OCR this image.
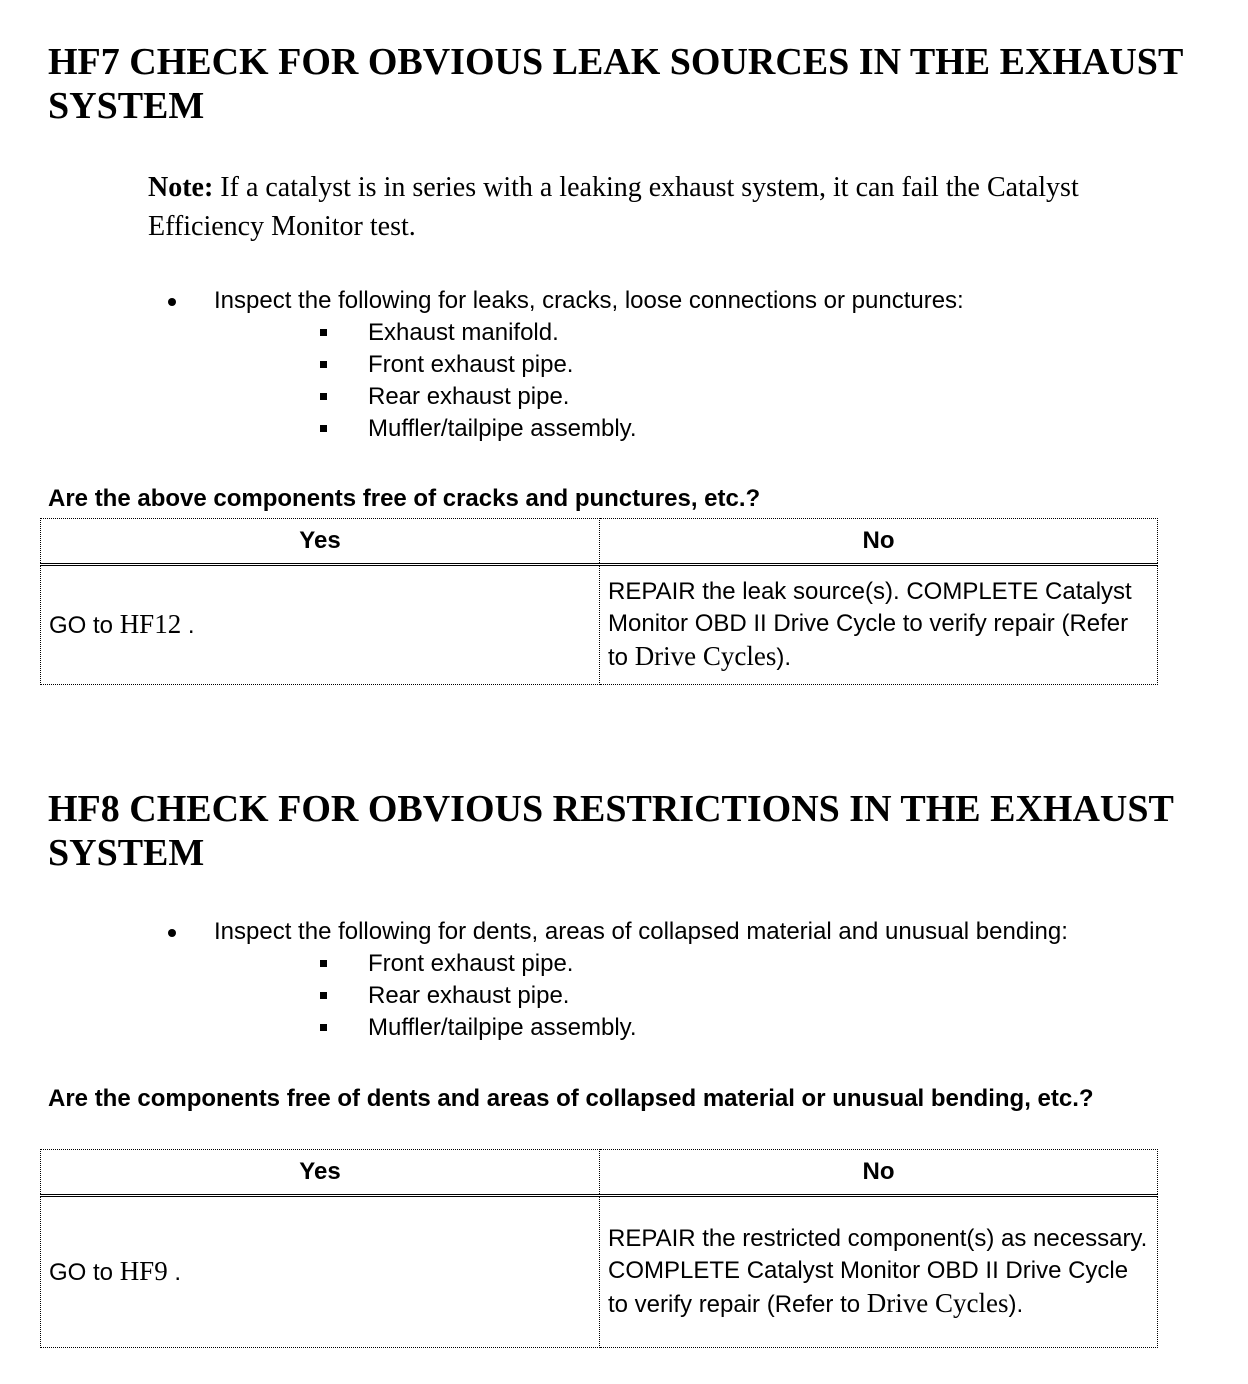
HF7 CHECK FOR OBVIOUS LEAK SOURCES IN THE EXHAUST SYSTEM

Note: If a catalyst is in series with a leaking exhaust system, it can fail the Catalyst Efficiency Monitor test.

Inspect the following for leaks, cracks, loose connections or punctures:
Exhaust manifold.
Front exhaust pipe.
Rear exhaust pipe.
Muffler/tailpipe assembly.

Are the above components free of cracks and punctures, etc.?

Yes	No
GO to HF12 .	REPAIR the leak source(s). COMPLETE Catalyst Monitor OBD II Drive Cycle to verify repair (Refer to Drive Cycles).
HF8 CHECK FOR OBVIOUS RESTRICTIONS IN THE EXHAUST SYSTEM
Inspect the following for dents, areas of collapsed material and unusual bending:
Front exhaust pipe.
Rear exhaust pipe.
Muffler/tailpipe assembly.

Are the components free of dents and areas of collapsed material or unusual bending, etc.?

Yes	No
GO to HF9 .	REPAIR the restricted component(s) as necessary. COMPLETE Catalyst Monitor OBD II Drive Cycle to verify repair (Refer to Drive Cycles).
